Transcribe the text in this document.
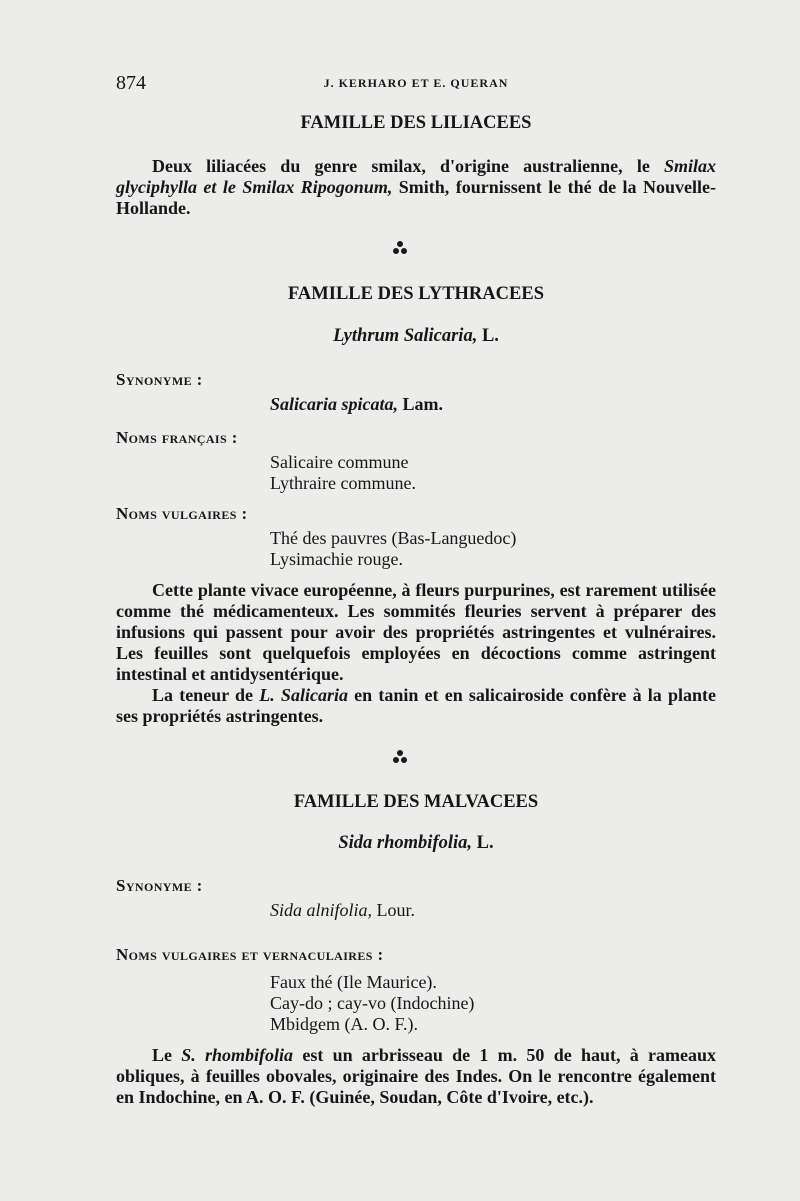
874	J. KERHARO ET E. QUERAN
FAMILLE DES LILIACEES
Deux liliacées du genre smilax, d'origine australienne, le Smilax glyciphylla et le Smilax Ripogonum, Smith, fournissent le thé de la Nouvelle-Hollande.
FAMILLE DES LYTHRACEES
Lythrum Salicaria, L.
Synonyme :
Salicaria spicata, Lam.
Noms français :
Salicaire commune
Lythraire commune.
Noms vulgaires :
Thé des pauvres (Bas-Languedoc)
Lysimachie rouge.
Cette plante vivace européenne, à fleurs purpurines, est rarement utilisée comme thé médicamenteux. Les sommités fleuries servent à préparer des infusions qui passent pour avoir des propriétés astringentes et vulnéraires. Les feuilles sont quelquefois employées en décoctions comme astringent intestinal et antidysentérique.
La teneur de L. Salicaria en tanin et en salicairoside confère à la plante ses propriétés astringentes.
FAMILLE DES MALVACEES
Sida rhombifolia, L.
Synonyme :
Sida alnifolia, Lour.
Noms vulgaires et vernaculaires :
Faux thé (Ile Maurice).
Cay-do ; cay-vo (Indochine)
Mbidgem (A. O. F.).
Le S. rhombifolia est un arbrisseau de 1 m. 50 de haut, à rameaux obliques, à feuilles obovales, originaire des Indes. On le rencontre également en Indochine, en A. O. F. (Guinée, Soudan, Côte d'Ivoire, etc.).
